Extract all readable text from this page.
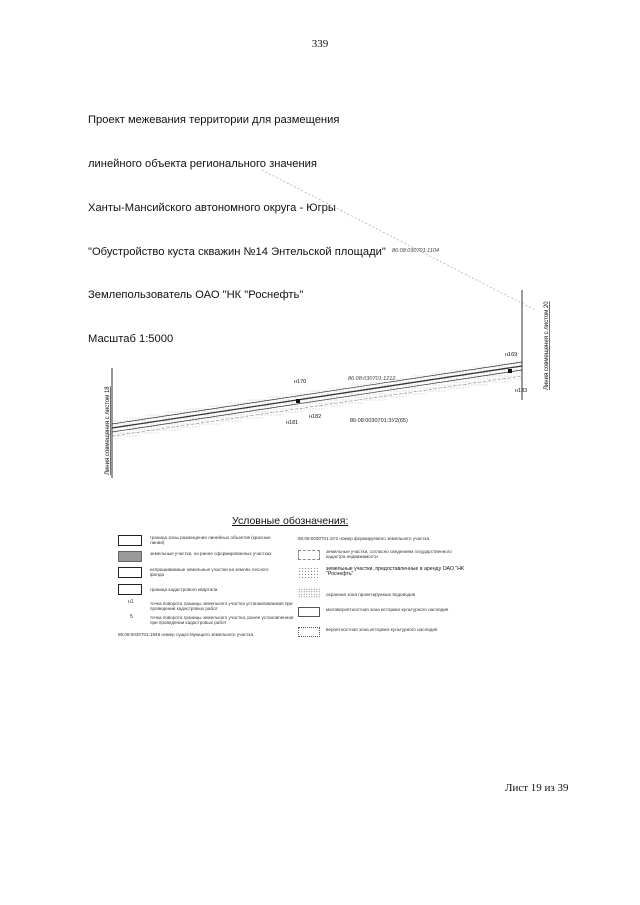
339

Проект межевания территории для размещения

линейного объекта регионального значения

Ханты-Мансийского автономного округа - Югры

"Обустройство куста скважин №14 Энтельской площади"

Землепользователь ОАО "НК "Роснефть"

Масштаб 1:5000

86:08:030701:1104
86:08:030701:1212
86:08:0030701:ЗУ2(65)
н170
н181
н182
н169
н183
Линия совмещения с листом 18
Линия совмещения с листом 20
Условные обозначения:
граница зоны размещения линейных объектов (красные линии)
земельные участки, на ранее сформированных участках
испрашиваемые земельные участки на землях лесного фонда
граница кадастрового квартала
н1	точка поворота границы земельного участка устанавливаемая при проведении кадастровых работ
5	точка поворота границы земельного участка, ранее установленная при проведении кадастровых работ
86:08:0030701:1848 номер существующего земельного участка
86:08:0030701:ЗУ2 номер формируемого земельного участка
земельные участки, согласно сведениям государственного кадастра недвижимости
земельные участки, предоставленные в аренду ОАО "НК "Роснефть"
охранная зона проектируемых водоводов
маловероятностная зона историко-культурного наследия
вероятностная зона историко-культурного наследия
Лист 19 из 39
